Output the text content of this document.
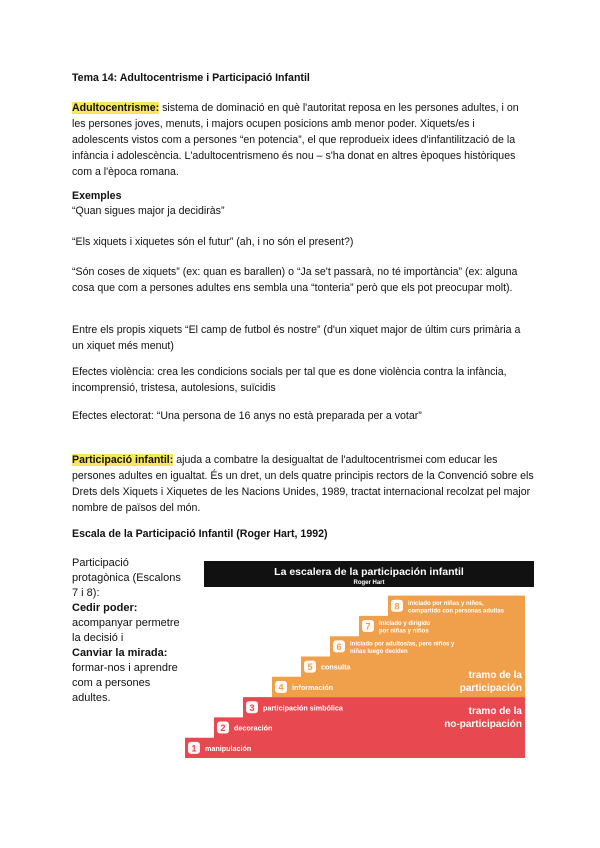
Tema 14: Adultocentrisme i Participació Infantil

Adultocentrisme: sistema de dominació en què l'autoritat reposa en les persones adultes, i on les persones joves, menuts, i majors ocupen posicions amb menor poder. Xiquets/es i adolescents vistos com a persones “en potencia”, el que reprodueix idees d'infantilització de la infància i adolescència. L'adultocentrismeno és nou – s'ha donat en altres èpoques històriques com a l'època romana.

Exemples

“Quan sigues major ja decidiràs”

“Els xiquets i xiquetes són el futur” (ah, i no són el present?)

“Són coses de xiquets” (ex: quan es barallen) o “Ja se't passarà, no té importància” (ex: alguna cosa que com a persones adultes ens sembla una “tonteria” però que els pot preocupar molt).

Entre els propis xiquets “El camp de futbol és nostre” (d'un xiquet major de últim curs primària a un xiquet més menut)

Efectes violència: crea les condicions socials per tal que es done violència contra la infància, incomprensió, tristesa, autolesions, suïcidis

Efectes electorat: “Una persona de 16 anys no està preparada per a votar”

Participació infantil: ajuda a combatre la desigualtat de l'adultocentrismei com educar les persones adultes en igualtat. És un dret, un dels quatre principis rectors de la Convenció sobre els Drets dels Xiquets i Xiquetes de les Nacions Unides, 1989, tractat internacional recolzat pel major nombre de països del món.

Escala de la Participació Infantil (Roger Hart, 1992)

Participació protagònica (Escalons 7 i 8):
Cedir poder:
acompanyar permetre la decisió i
Canviar la mirada:
formar-nos i aprendre com a persones adultes.
La escalera de la participación infantil
Roger Hart
1 manipulación
2 decoración
3 participación simbólica
4 información
5 consulta
6 iniciado por adultos/as, pero niños y
niñas luego deciden
7 iniciado y dirigido
por niñas y niños
8 iniciado por niñas y niños,
compartido con personas adultas
tramo de la
participación
tramo de la
no-participación
